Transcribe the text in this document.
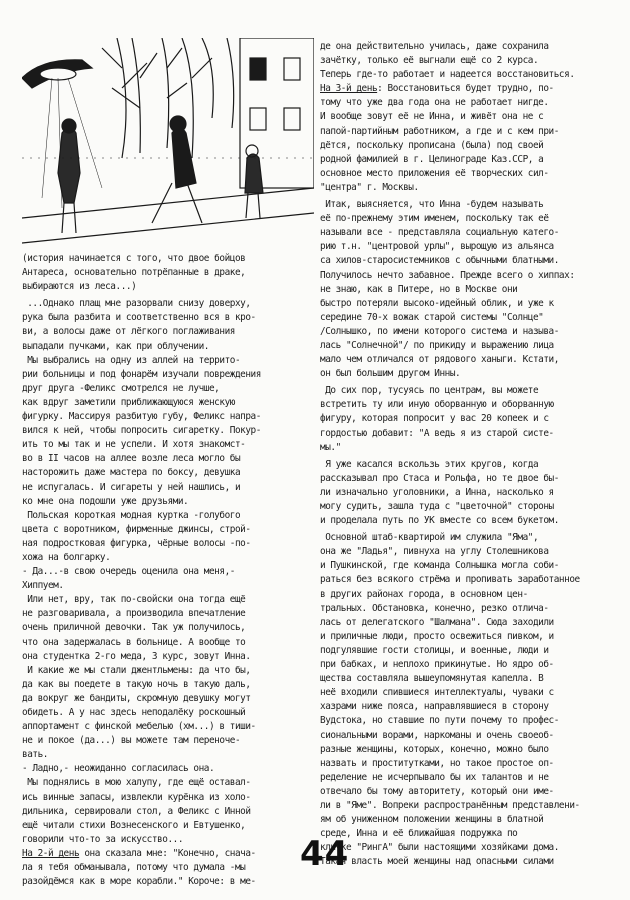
(история начинается с того, что двое бойцов

Антареса, основательно потрёпанные в драке,

выбираются из леса...)

...Однако плащ мне разорвали снизу доверху,

рука была разбита и соответственно вся в кро-

ви, а волосы даже от лёгкого поглаживания

выпадали пучками, как при облучении.

Мы выбрались на одну из аллей на террито-

рии больницы и под фонарём изучали повреждения

друг друга -Феликс смотрелся не лучше,

как вдруг заметили приближающуюся женскую

фигурку. Массируя разбитую губу, Феликс напра-

вился к ней, чтобы попросить сигаретку. Покур-

ить то мы так и не успели. И хотя знакомст-

во в II часов на аллее возле леса могло бы

насторожить даже мастера по боксу, девушка

не испугалась. И сигареты у ней нашлись, и

ко мне она подошли уже друзьями.

Польская короткая модная куртка -голубого

цвета с воротником, фирменные джинсы, строй-

ная подростковая фигурка, чёрные волосы -по-

хожа на болгарку.

- Да...-в свою очередь оценила она меня,-

Хиппуем.

Или нет, вру, так по-свойски она тогда ещё

не разговаривала, а производила впечатление

очень приличной девочки. Так уж получилось,

что она задержалась в больнице. А вообще то

она студентка 2-го меда, 3 курс, зовут Инна.

И какие же мы стали джентльмены: да что бы,

да как вы поедете в такую ночь в такую даль,

да вокруг же бандиты, скромную девушку могут

обидеть. А у нас здесь неподалёку роскошный

аппортамент с финской мебелью (хм...) в тиши-

не и покое (да...) вы можете там переночe-

вать.

- Ладно,- неожиданно согласилась она.

Мы поднялись в мою халупу, где ещё оставал-

ись винные запасы, извлекли курёнка из холо-

дильника, сервировали стол, а Феликс с Инной

ещё читали стихи Вознесенского и Евтушенко,

говорили что-то за искусство...

На 2-й день она сказала мне: "Конечно, сначa-

ла я тебя обманывала, потому что думала -мы

разойдёмся как в море корабли." Короче: в ме-

де она действительно училась, даже сохранила

зачётку, только её выгнали ещё со 2 курса.

Теперь где-то работает и надеется восстановиться.

На 3-й день: Восстановиться будет трудно, по-

тому что уже два года она не работает нигде.

И вообще зовут её не Инна, и живёт она не с

папой-партийным работником, а где и с кем при-

дётся, поскольку прописана (была) под своей

родной фамилией в г. Целинограде Каз.ССР, а

основное место приложения её творческих сил-

"центра" г. Москвы.

Итак, выясняется, что Инна -будем называть

её по-прежнему этим именем, поскольку так её

называли все - представляла социальную катего-

рию т.н. "центровой урлы", вырощую из альянса

са хилов-старосистемников с обычными блатными.

Получилось нечто забавное. Прежде всего о хиппах:

не знаю, как в Питере, но в Москве они

быстро потеряли высоко-идейный облик, и уже к

середине 70-х вожак старой системы "Солнце"

/Солнышко, по имени которого система и называ-

лась "Солнечной"/ по прикиду и выражению лица

мало чем отличался от рядового ханыги. Кстати,

он был большим другом Инны.

До сих пор, тусуясь по центрам, вы можете

встретить ту или иную оборванную и оборванную

фигуру, которая попросит у вас 20 копеек и с

гордостью добавит: "А ведь я из старой систе-

мы."

Я уже касался вскользь этих кругов, когда

рассказывал про Стаса и Рольфа, но те двое бы-

ли изначально уголовники, а Инна, насколько я

могу судить, зашла туда с "цветочной" стороны

и проделала путь по УК вместе со всем букетом.

Основной штаб-квартирой им служила "Яма",

она же "Ладья", пивнуха на углу Столешникова

и Пушкинской, где команда Солнышка могла соби-

раться без всякого стрёма и пропивать заработанное

в других районах города, в основном цен-

тральных. Обстановка, конечно, резко отлича-

лась от делегатского "Шалмана". Сюда заходили

и приличные люди, просто освежиться пивком, и

подгулявшие гости столицы, и военные, люди и

при бабках, и неплохо прикинутые. Но ядро об-

щества составляла вышеупомянутая капелла. В

неё входили спившиеся интеллектуалы, чуваки с

хазрами ниже пояса, направлявшиеся в сторону

Вудстока, но ставшие по пути почему то профес-

сиональными ворами, наркоманы и очень своеоб-

разные женщины, которых, конечно, можно было

назвать и проститутками, но такое простое оп-

ределение не исчерпывало бы их талантов и не

отвечало бы тому авторитету, который они име-

ли в "Яме". Вопреки распространённым представлени-

ям об униженном положении женщины в блатной

среде, Инна и её ближайшая подружка по

кличке "РингА" были настоящими хозяйками дома.

Такая власть моей женщины над опасными силами

44
